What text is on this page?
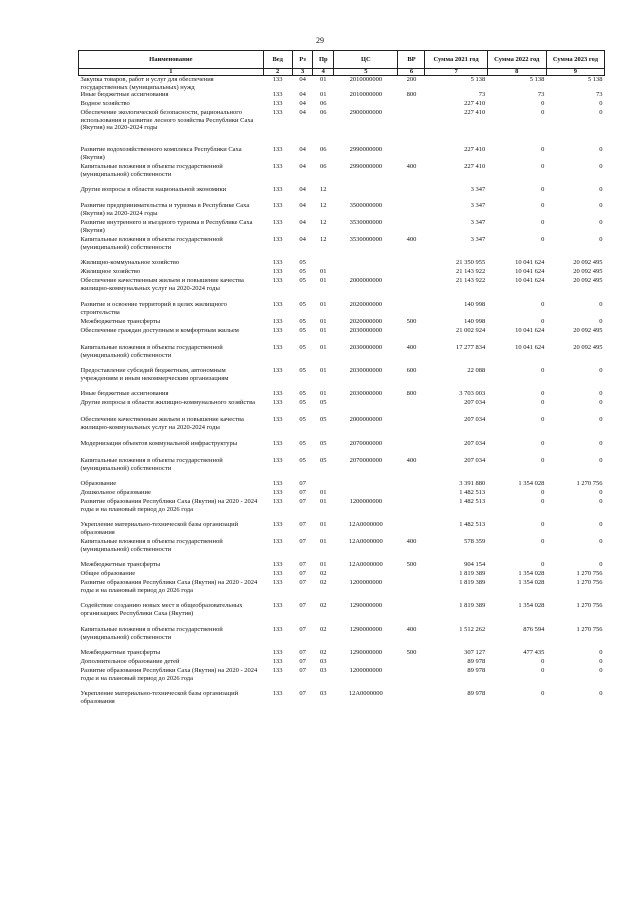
29
Наименование	Вед	Рз	Пр	ЦС	ВР	Сумма 2021 год	Сумма 2022 год	Сумма 2023 год
1	2	3	4	5	6	7	8	9
Закупка товаров, работ и услуг для обеспечения государственных (муниципальных) нужд	133	04	01	2010000000	200	5 138	5 138	5 138
Иные бюджетные ассигнования	133	04	01	2010000000	800	73	73	73
Водное хозяйство	133	04	06			227 410	0	0
Обеспечение экологической безопасности, рационального использования и развитие лесного хозяйства Республики Саха (Якутия) на 2020-2024 годы	133	04	06	2900000000		227 410	0	0
Развитие водохозяйственного комплекса Республики Саха (Якутия)	133	04	06	2990000000		227 410	0	0
Капитальные вложения в объекты государственной (муниципальной) собственности	133	04	06	2990000000	400	227 410	0	0

Другие вопросы в области национальной экономики	133	04	12			3 347	0	0

Развитие предпринимательства и туризма в Республике Саха (Якутия) на 2020-2024 годы	133	04	12	3500000000		3 347	0	0
Развитие внутреннего и въездного туризма в Республике Саха (Якутия)	133	04	12	3530000000		3 347	0	0
Капитальные вложения в объекты государственной (муниципальной) собственности	133	04	12	3530000000	400	3 347	0	0

Жилищно-коммунальное хозяйство	133	05				21 350 955	10 041 624	20 092 495
Жилищное хозяйство	133	05	01			21 143 922	10 041 624	20 092 495
Обеспечение качественным жильем и повышение качества жилищно-коммунальных услуг на 2020-2024 годы	133	05	01	2000000000		21 143 922	10 041 624	20 092 495
Развитие и освоение территорий в целях жилищного строительства	133	05	01	2020000000		140 998	0	0
Межбюджетные трансферты	133	05	01	2020000000	500	140 998	0	0
Обеспечение граждан доступным и комфортным жильем	133	05	01	2030000000		21 002 924	10 041 624	20 092 495
Капитальные вложения в объекты государственной (муниципальной) собственности	133	05	01	2030000000	400	17 277 834	10 041 624	20 092 495

Предоставление субсидий бюджетным, автономным учреждениям и иным некоммерческим организациям	133	05	01	2030000000	600	22 088	0	0

Иные бюджетные ассигнования	133	05	01	2030000000	800	3 703 003	0	0
Другие вопросы в области жилищно-коммунального хозяйства	133	05	05			207 034	0	0
Обеспечение качественным жильем и повышение качества жилищно-коммунальных услуг на 2020-2024 годы	133	05	05	2000000000		207 034	0	0
Модернизация объектов коммунальной инфраструктуры	133	05	05	2070000000		207 034	0	0
Капитальные вложения в объекты государственной (муниципальной) собственности	133	05	05	2070000000	400	207 034	0	0

Образование	133	07				3 391 880	1 354 028	1 270 756
Дошкольное образование	133	07	01			1 482 513	0	0
Развитие образования Республики Саха (Якутия) на 2020 - 2024 годы и на плановый период до 2026 года	133	07	01	1200000000		1 482 513	0	0

Укрепление материально-технической базы организаций образования	133	07	01	12А0000000		1 482 513	0	0
Капитальные вложения в объекты государственной (муниципальной) собственности	133	07	01	12А0000000	400	578 359	0	0

Межбюджетные трансферты	133	07	01	12А0000000	500	904 154	0	0
Общее образование	133	07	02			1 819 389	1 354 028	1 270 756
Развитие образования Республики Саха (Якутия) на 2020 - 2024 годы и на плановый период до 2026 года	133	07	02	1200000000		1 819 389	1 354 028	1 270 756

Содействие созданию новых мест в общеобразовательных организациях Республики Саха (Якутия)	133	07	02	1290000000		1 819 389	1 354 028	1 270 756
Капитальные вложения в объекты государственной (муниципальной) собственности	133	07	02	1290000000	400	1 512 262	876 594	1 270 756

Межбюджетные трансферты	133	07	02	1290000000	500	307 127	477 435	0
Дополнительное образование детей	133	07	03			89 978	0	0
Развитие образования Республики Саха (Якутия) на 2020 - 2024 годы и на плановый период до 2026 года	133	07	03	1200000000		89 978	0	0

Укрепление материально-технической базы организаций образования	133	07	03	12А0000000		89 978	0	0
